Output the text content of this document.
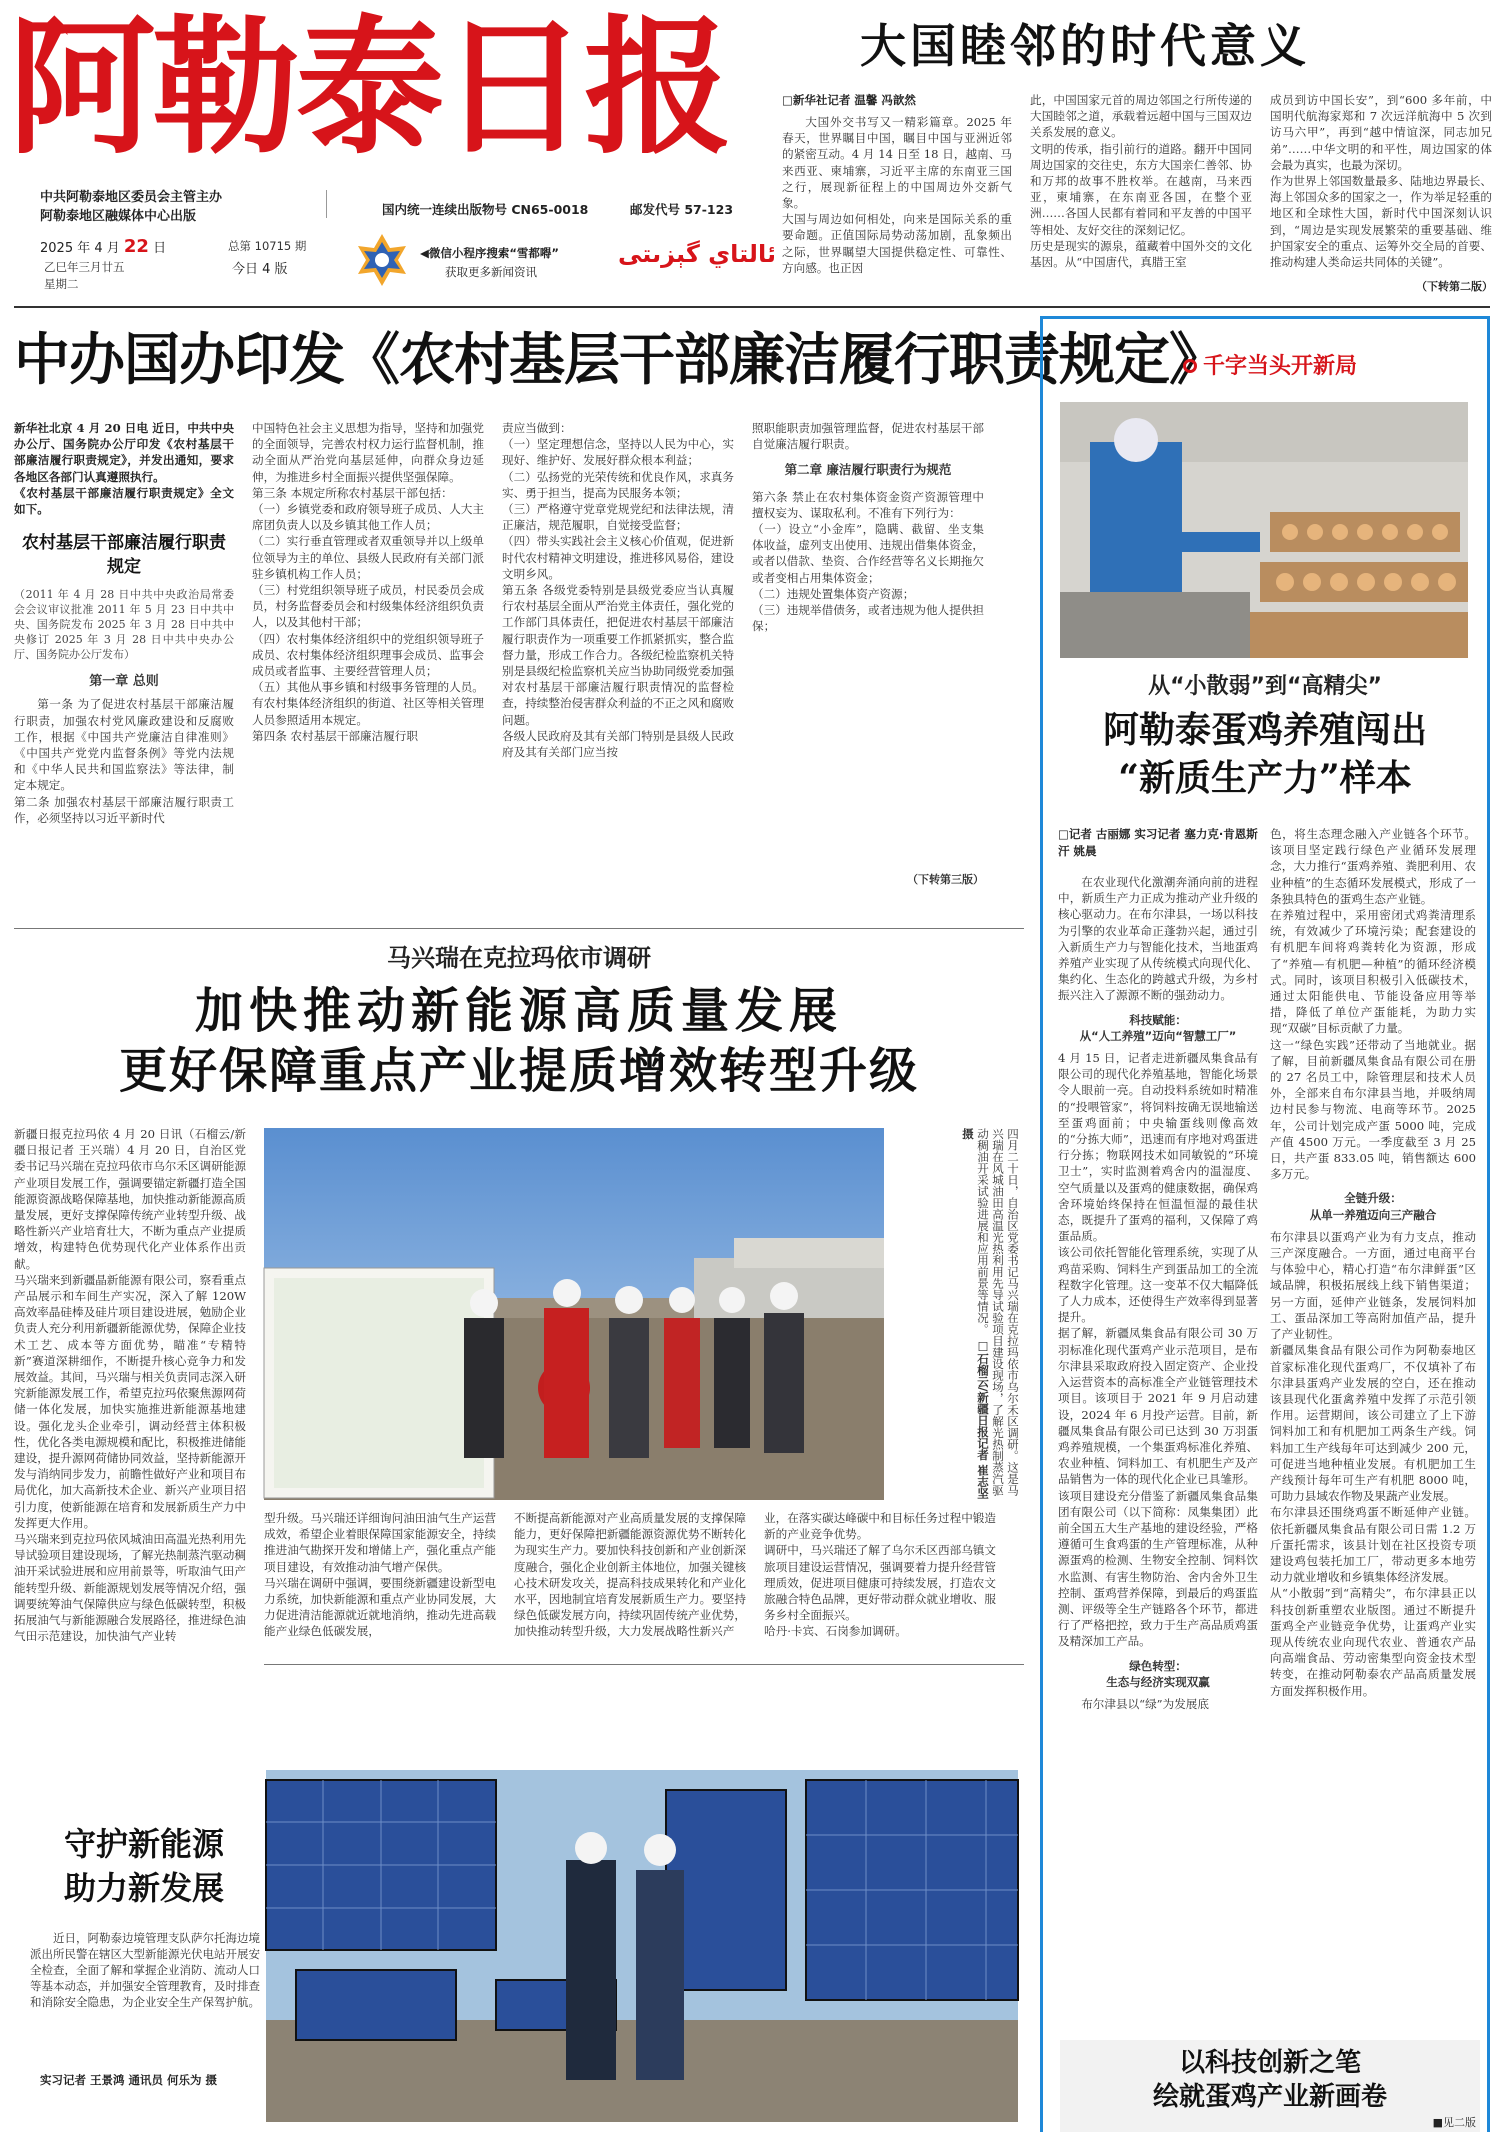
阿勒泰日报
中共阿勒泰地区委员会主管主办
阿勒泰地区融媒体中心出版	国内统一连续出版物号 CN65-0018	邮发代号 57-123
2025 年 4 月 22 日
乙巳年三月廿五
星期二
总第 10715 期
今日 4 版
◀微信小程序搜索“雪都嘚”
获取更多新闻资讯
ئالتاي گېزىتى
大国睦邻的时代意义
□新华社记者 温馨 冯歆然
大国外交书写又一精彩篇章。2025 年春天，世界瞩目中国，瞩目中国与亚洲近邻的紧密互动。4 月 14 日至 18 日，越南、马来西亚、柬埔寨，习近平主席的东南亚三国之行，展现新征程上的中国周边外交新气象。
大国与周边如何相处，向来是国际关系的重要命题。正值国际局势动荡加剧，乱象频出之际，世界瞩望大国提供稳定性、可靠性、方向感。也正因
此，中国国家元首的周边邻国之行所传递的大国睦邻之道，承载着远超中国与三国双边关系发展的意义。
文明的传承，指引前行的道路。翻开中国同周边国家的交往史，东方大国亲仁善邻、协和万邦的故事不胜枚举。在越南，马来西亚，柬埔寨，在东南亚各国，在整个亚洲……各国人民都有着同和平友善的中国平等相处、友好交往的深刻记忆。
历史是现实的源泉，蕴藏着中国外交的文化基因。从“中国唐代，真腊王室
成员到访中国长安”，到“600 多年前，中国明代航海家郑和 7 次远洋航海中 5 次到访马六甲”，再到“越中情谊深，同志加兄弟”……中华文明的和平性，周边国家的体会最为真实，也最为深切。
作为世界上邻国数量最多、陆地边界最长、海上邻国众多的国家之一，作为举足轻重的地区和全球性大国，新时代中国深刻认识到，“周边是实现发展繁荣的重要基础、维护国家安全的重点、运筹外交全局的首要、推动构建人类命运共同体的关键”。
（下转第二版）
中办国办印发《农村基层干部廉洁履行职责规定》
新华社北京 4 月 20 日电 近日，中共中央办公厅、国务院办公厅印发《农村基层干部廉洁履行职责规定》，并发出通知，要求各地区各部门认真遵照执行。
《农村基层干部廉洁履行职责规定》全文如下。
农村基层干部廉洁履行职责规定
（2011 年 4 月 28 日中共中央政治局常委会会议审议批准 2011 年 5 月 23 日中共中央、国务院发布 2025 年 3 月 28 日中共中央修订 2025 年 3 月 28 日中共中央办公厅、国务院办公厅发布）
第一章 总则
第一条 为了促进农村基层干部廉洁履行职责，加强农村党风廉政建设和反腐败工作，根据《中国共产党廉洁自律准则》《中国共产党党内监督条例》等党内法规和《中华人民共和国监察法》等法律，制定本规定。
第二条 加强农村基层干部廉洁履行职责工作，必须坚持以习近平新时代
中国特色社会主义思想为指导，坚持和加强党的全面领导，完善农村权力运行监督机制，推动全面从严治党向基层延伸，向群众身边延伸，为推进乡村全面振兴提供坚强保障。
第三条 本规定所称农村基层干部包括：
（一）乡镇党委和政府领导班子成员、人大主席团负责人以及乡镇其他工作人员；
（二）实行垂直管理或者双重领导并以上级单位领导为主的单位、县级人民政府有关部门派驻乡镇机构工作人员；
（三）村党组织领导班子成员，村民委员会成员，村务监督委员会和村级集体经济组织负责人，以及其他村干部；
（四）农村集体经济组织中的党组织领导班子成员、农村集体经济组织理事会成员、监事会成员或者监事、主要经营管理人员；
（五）其他从事乡镇和村级事务管理的人员。
有农村集体经济组织的街道、社区等相关管理人员参照适用本规定。
第四条 农村基层干部廉洁履行职
责应当做到：
（一）坚定理想信念，坚持以人民为中心，实现好、维护好、发展好群众根本利益；
（二）弘扬党的光荣传统和优良作风，求真务实、勇于担当，提高为民服务本领；
（三）严格遵守党章党规党纪和法律法规，清正廉洁，规范履职，自觉接受监督；
（四）带头实践社会主义核心价值观，促进新时代农村精神文明建设，推进移风易俗，建设文明乡风。
第五条 各级党委特别是县级党委应当认真履行农村基层全面从严治党主体责任，强化党的工作部门具体责任，把促进农村基层干部廉洁履行职责作为一项重要工作抓紧抓实，整合监督力量，形成工作合力。各级纪检监察机关特别是县级纪检监察机关应当协助同级党委加强对农村基层干部廉洁履行职责情况的监督检查，持续整治侵害群众利益的不正之风和腐败问题。
各级人民政府及其有关部门特别是县级人民政府及其有关部门应当按
照职能职责加强管理监督，促进农村基层干部自觉廉洁履行职责。
第二章 廉洁履行职责行为规范
第六条 禁止在农村集体资金资产资源管理中擅权妄为、谋取私利。不准有下列行为：
（一）设立“小金库”，隐瞒、截留、坐支集体收益，虚列支出使用、违规出借集体资金，或者以借款、垫资、合作经营等名义长期拖欠或者变相占用集体资金；
（二）违规处置集体资产资源；
（三）违规举借债务，或者违规为他人提供担保；
（下转第三版）
马兴瑞在克拉玛依市调研
加快推动新能源高质量发展
更好保障重点产业提质增效转型升级
新疆日报克拉玛依 4 月 20 日讯（石榴云/新疆日报记者 王兴瑞）4 月 20 日，自治区党委书记马兴瑞在克拉玛依市乌尔禾区调研能源产业项目发展工作，强调要锚定新疆打造全国能源资源战略保障基地，加快推动新能源高质量发展，更好支撑保障传统产业转型升级、战略性新兴产业培育壮大，不断为重点产业提质增效，构建特色优势现代化产业体系作出贡献。
马兴瑞来到新疆晶新能源有限公司，察看重点产品展示和车间生产实况，深入了解 120W 高效率晶硅棒及硅片项目建设进展，勉励企业负责人充分利用新疆新能源优势，保障企业技术工艺、成本等方面优势，瞄准“专精特新”赛道深耕细作，不断提升核心竞争力和发展效益。其间，马兴瑞与相关负责同志深入研究新能源发展工作，希望克拉玛依聚焦源网荷储一体化发展，加快实施推进新能源基地建设。强化龙头企业牵引，调动经营主体积极性，优化各类电源规模和配比，积极推进储能建设，提升源网荷储协同效益，坚持新能源开发与消纳同步发力，前瞻性做好产业和项目布局优化，加大高新技术企业、新兴产业项目招引力度，使新能源在培育和发展新质生产力中发挥更大作用。
马兴瑞来到克拉玛依风城油田高温光热利用先导试验项目建设现场，了解光热制蒸汽驱动稠油开采试验进展和应用前景等，听取油气田产能转型升级、新能源规划发展等情况介绍，强调要统筹油气保障供应与绿色低碳转型，积极拓展油气与新能源融合发展路径，推进绿色油气田示范建设，加快油气产业转
四月二十日，自治区党委书记马兴瑞在克拉玛依市乌尔禾区调研。这是马兴瑞在风城油田高温光热利用先导试验项目建设现场，了解光热制蒸汽驱动稠油开采试验进展和应用前景等情况。 □石榴云/新疆日报记者 崔志坚 摄
型升级。马兴瑞还详细询问油田油气生产运营成效，希望企业着眼保障国家能源安全，持续推进油气勘探开发和增储上产，强化重点产能项目建设，有效推动油气增产保供。
马兴瑞在调研中强调，要围绕新疆建设新型电力系统，加快新能源和重点产业协同发展，大力促进清洁能源就近就地消纳，推动先进高载能产业绿色低碳发展，
不断提高新能源对产业高质量发展的支撑保障能力，更好保障把新疆能源资源优势不断转化为现实生产力。要加快科技创新和产业创新深度融合，强化企业创新主体地位，加强关键核心技术研发攻关，提高科技成果转化和产业化水平，因地制宜培育发展新质生产力。要坚持绿色低碳发展方向，持续巩固传统产业优势，加快推动转型升级，大力发展战略性新兴产
业，在落实碳达峰碳中和目标任务过程中锻造新的产业竞争优势。
调研中，马兴瑞还了解了乌尔禾区西部乌镇文旅项目建设运营情况，强调要着力提升经营管理质效，促进项目健康可持续发展，打造农文旅融合特色品牌，更好带动群众就业增收、服务乡村全面振兴。
哈丹·卡宾、石岗参加调研。
守护新能源
助力新发展
近日，阿勒泰边境管理支队萨尔托海边境派出所民警在辖区大型新能源光伏电站开展安全检查，全面了解和掌握企业消防、流动人口等基本动态，并加强安全管理教育，及时排查和消除安全隐患，为企业安全生产保驾护航。
实习记者 王景鸿 通讯员 何乐为 摄
千字当头开新局
从“小散弱”到“高精尖”
阿勒泰蛋鸡养殖闯出
“新质生产力”样本
□记者 古丽娜 实习记者 塞力克·肯恩斯汗 姚晨
在农业现代化激潮奔涌向前的进程中，新质生产力正成为推动产业升级的核心驱动力。在布尔津县，一场以科技为引擎的农业革命正蓬勃兴起，通过引入新质生产力与智能化技术，当地蛋鸡养殖产业实现了从传统模式向现代化、集约化、生态化的跨越式升级，为乡村振兴注入了源源不断的强劲动力。
科技赋能：
从“人工养殖”迈向“智慧工厂”
4 月 15 日，记者走进新疆凤集食品有限公司的现代化养殖基地，智能化场景令人眼前一亮。自动投料系统如时精准的“投喂管家”，将饲料按确无误地输送至蛋鸡面前；中央输蛋线则像高效的“分拣大师”，迅速而有序地对鸡蛋进行分拣；物联网技术如同敏锐的“环境卫士”，实时监测着鸡舍内的温湿度、空气质量以及蛋鸡的健康数据，确保鸡舍环境始终保持在恒温恒湿的最佳状态，既提升了蛋鸡的福利，又保障了鸡蛋品质。
该公司依托智能化管理系统，实现了从鸡苗采购、饲料生产到蛋品加工的全流程数字化管理。这一变革不仅大幅降低了人力成本，还使得生产效率得到显著提升。
据了解，新疆凤集食品有限公司 30 万羽标准化现代蛋鸡产业示范项目，是布尔津县采取政府投入固定资产、企业投入运营资本的高标准全产业链管理技术项目。该项目于 2021 年 9 月启动建设，2024 年 6 月投产运营。目前，新疆凤集食品有限公司已达到 30 万羽蛋鸡养殖规模，一个集蛋鸡标准化养殖、农业种植、饲料加工、有机肥生产及产品销售为一体的现代化企业已具雏形。
该项目建设充分借鉴了新疆凤集食品集团有限公司（以下简称：凤集集团）此前全国五大生产基地的建设经验，严格遵循可生食鸡蛋的生产管理标准，从种源蛋鸡的检测、生物安全控制、饲料饮水监测、有害生物防治、舍内舍外卫生控制、蛋鸡营养保障，到最后的鸡蛋监测、评级等全生产链路各个环节，都进行了严格把控，致力于生产高品质鸡蛋及精深加工产品。
绿色转型：
生态与经济实现双赢
布尔津县以“绿”为发展底
色，将生态理念融入产业链各个环节。该项目坚定践行绿色产业循环发展理念，大力推行“蛋鸡养殖、粪肥利用、农业种植”的生态循环发展模式，形成了一条独具特色的蛋鸡生态产业链。
在养殖过程中，采用密闭式鸡粪清理系统，有效减少了环境污染；配套建设的有机肥车间将鸡粪转化为资源，形成了“养殖—有机肥—种植”的循环经济模式。同时，该项目积极引入低碳技术，通过太阳能供电、节能设备应用等举措，降低了单位产蛋能耗，为助力实现“双碳”目标贡献了力量。
这一“绿色实践”还带动了当地就业。据了解，目前新疆凤集食品有限公司在册的 27 名员工中，除管理层和技术人员外，全部来自布尔津县当地，并吸纳周边村民参与物流、电商等环节。2025 年，公司计划完成产蛋 5000 吨，完成产值 4500 万元。一季度截至 3 月 25 日，共产蛋 833.05 吨，销售额达 600 多万元。
全链升级：
从单一养殖迈向三产融合
布尔津县以蛋鸡产业为有力支点，推动三产深度融合。一方面，通过电商平台与体验中心，精心打造“布尔津鲜蛋”区域品牌，积极拓展线上线下销售渠道；另一方面，延伸产业链条，发展饲料加工、蛋品深加工等高附加值产品，提升了产业韧性。
新疆凤集食品有限公司作为阿勒泰地区首家标准化现代蛋鸡厂，不仅填补了布尔津县蛋鸡产业发展的空白，还在推动该县现代化蛋禽养殖中发挥了示范引领作用。运营期间，该公司建立了上下游饲料加工和有机肥加工两条生产线。饲料加工生产线每年可达到减少 200 元，可促进当地种植业发展。有机肥加工生产线预计每年可生产有机肥 8000 吨，可助力县域农作物及果蔬产业发展。
布尔津县还围绕鸡蛋不断延伸产业链。依托新疆凤集食品有限公司日需 1.2 万斤蛋托需求，该县计划在社区投资专项建设鸡包装托加工厂，带动更多本地劳动力就业增收和乡镇集体经济发展。
从“小散弱”到“高精尖”，布尔津县正以科技创新重塑农业版图。通过不断提升蛋鸡全产业链竞争优势，让蛋鸡产业实现从传统农业向现代农业、普通农产品向高端食品、劳动密集型向资金技术型转变，在推动阿勒泰农产品高质量发展方面发挥积极作用。
以科技创新之笔
绘就蛋鸡产业新画卷
■见二版
